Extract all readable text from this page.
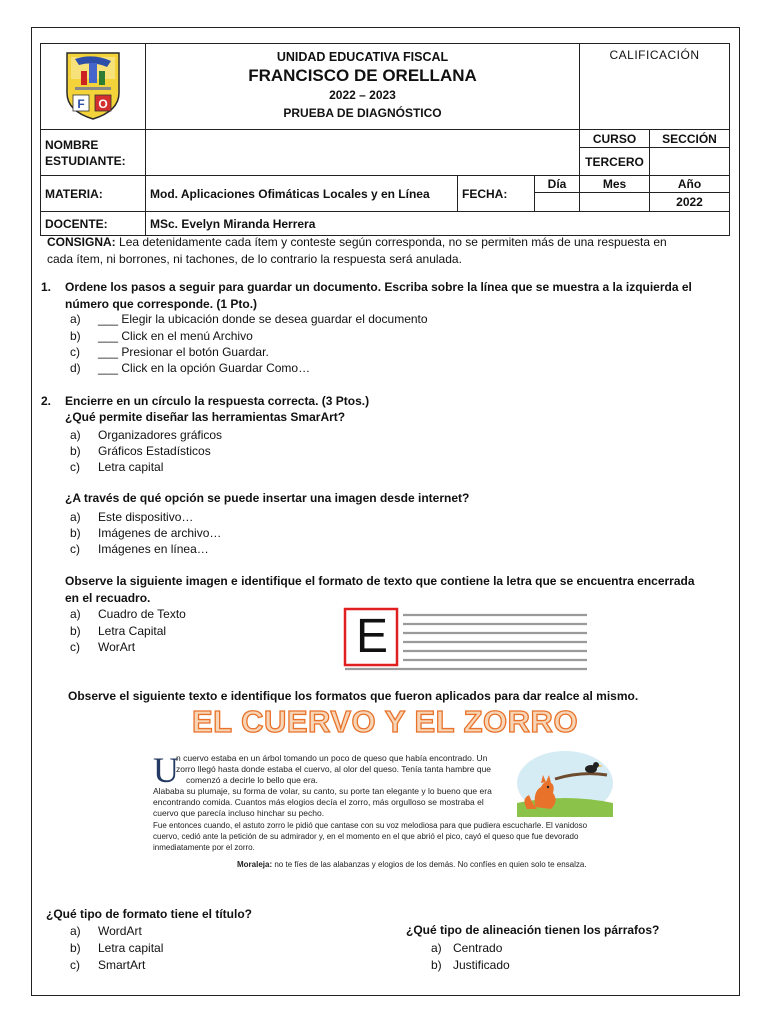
F O	UNIDAD EDUCATIVA FISCAL
FRANCISCO DE ORELLANA
2022 – 2023
PRUEBA DE DIAGNÓSTICO			CALIFICACIÓN	
NOMBRE ESTUDIANTE:				CURSO	SECCIÓN
				TERCERO	
MATERIA:	Mod. Aplicaciones Ofimáticas Locales y en Línea	FECHA:	Día	Mes	Año
					2022
DOCENTE:	MSc. Evelyn Miranda Herrera				
CONSIGNA: Lea detenidamente cada ítem y conteste según corresponda, no se permiten más de una respuesta en
cada ítem, ni borrones, ni tachones, de lo contrario la respuesta será anulada.
1. Ordene los pasos a seguir para guardar un documento. Escriba sobre la línea que se muestra a la izquierda el
número que corresponde. (1 Pto.)
a) ___ Elegir la ubicación donde se desea guardar el documento
b) ___ Click en el menú Archivo
c) ___ Presionar el botón Guardar.
d) ___ Click en la opción Guardar Como…
2. Encierre en un círculo la respuesta correcta. (3 Ptos.)
¿Qué permite diseñar las herramientas SmarArt?
a) Organizadores gráficos
b) Gráficos Estadísticos
c) Letra capital
¿A través de qué opción se puede insertar una imagen desde internet?
a) Este dispositivo…
b) Imágenes de archivo…
c) Imágenes en línea…
Observe la siguiente imagen e identifique el formato de texto que contiene la letra que se encuentra encerrada
en el recuadro.
a) Cuadro de Texto
b) Letra Capital
c) WorArt	E
Observe el siguiente texto e identifique los formatos que fueron aplicados para dar realce al mismo.
EL CUERVO Y EL ZORRO
U
n cuervo estaba en un árbol tomando un poco de queso que había encontrado. Un
zorro llegó hasta donde estaba el cuervo, al olor del queso. Tenía tanta hambre que
comenzó a decirle lo bello que era.
Alababa su plumaje, su forma de volar, su canto, su porte tan elegante y lo bueno que era
encontrando comida. Cuantos más elogios decía el zorro, más orgulloso se mostraba el
cuervo que parecía incluso hinchar su pecho.
Fue entonces cuando, el astuto zorro le pidió que cantase con su voz melodiosa para que pudiera escucharle. El vanidoso
cuervo, cedió ante la petición de su admirador y, en el momento en el que abrió el pico, cayó el queso que fue devorado
inmediatamente por el zorro.
Moraleja: no te fíes de las alabanzas y elogios de los demás. No confíes en quien solo te ensalza.
¿Qué tipo de formato tiene el título?
a) WordArt
b) Letra capital
c) SmartArt
¿Qué tipo de alineación tienen los párrafos?
a) Centrado
b) Justificado
